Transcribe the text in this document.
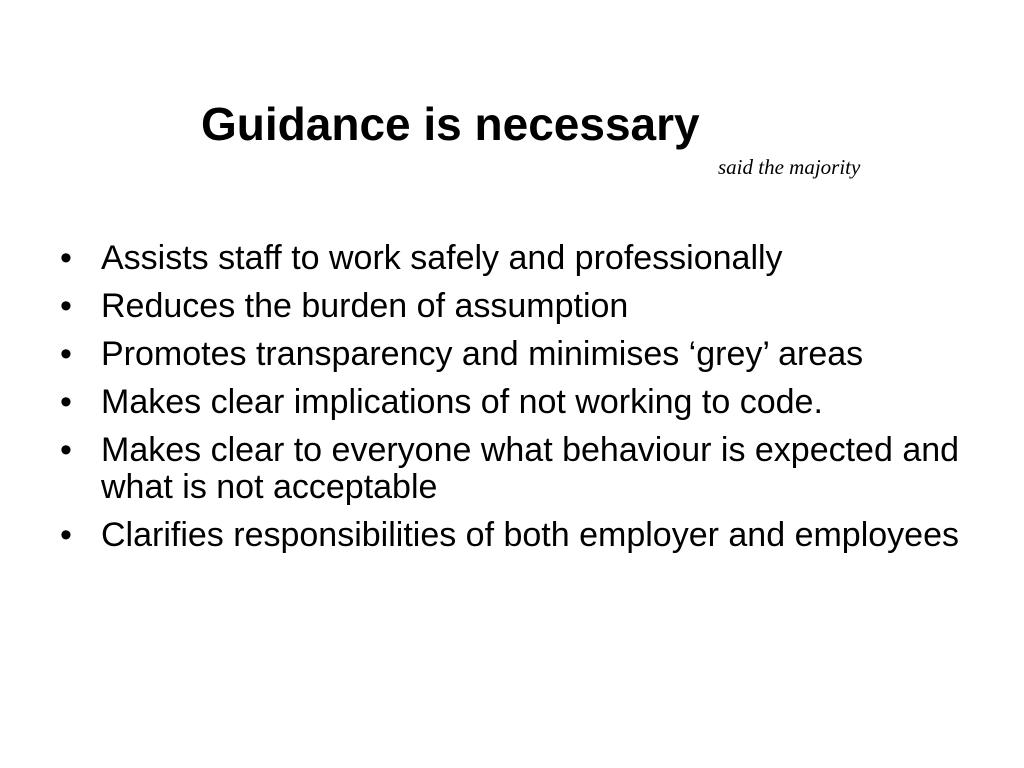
Guidance is necessary
said the majority
• Assists staff to work safely and professionally
• Reduces the burden of assumption
• Promotes transparency and minimises ‘grey’ areas
• Makes clear implications of not working to code.
• Makes clear to everyone what behaviour is expected and what is not acceptable
• Clarifies responsibilities of both employer and employees
